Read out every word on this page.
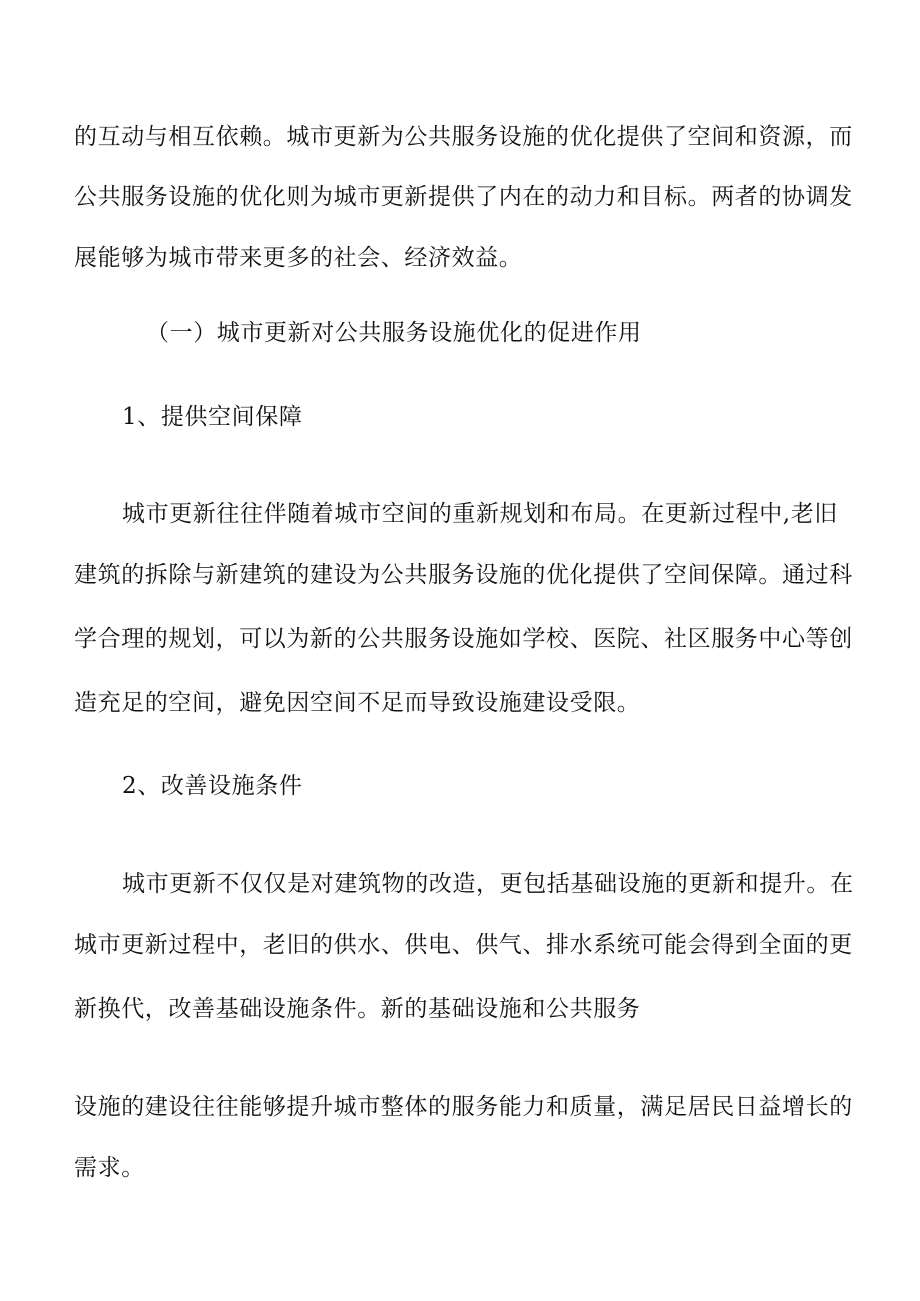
的互动与相互依赖。城市更新为公共服务设施的优化提供了空间和资源，而
公共服务设施的优化则为城市更新提供了内在的动力和目标。两者的协调发
展能够为城市带来更多的社会、经济效益。
（一）城市更新对公共服务设施优化的促进作用
1、提供空间保障
城市更新往往伴随着城市空间的重新规划和布局。在更新过程中,老旧
建筑的拆除与新建筑的建设为公共服务设施的优化提供了空间保障。通过科
学合理的规划，可以为新的公共服务设施如学校、医院、社区服务中心等创
造充足的空间，避免因空间不足而导致设施建设受限。
2、改善设施条件
城市更新不仅仅是对建筑物的改造，更包括基础设施的更新和提升。在
城市更新过程中，老旧的供水、供电、供气、排水系统可能会得到全面的更
新换代，改善基础设施条件。新的基础设施和公共服务
设施的建设往往能够提升城市整体的服务能力和质量，满足居民日益增长的
需求。
